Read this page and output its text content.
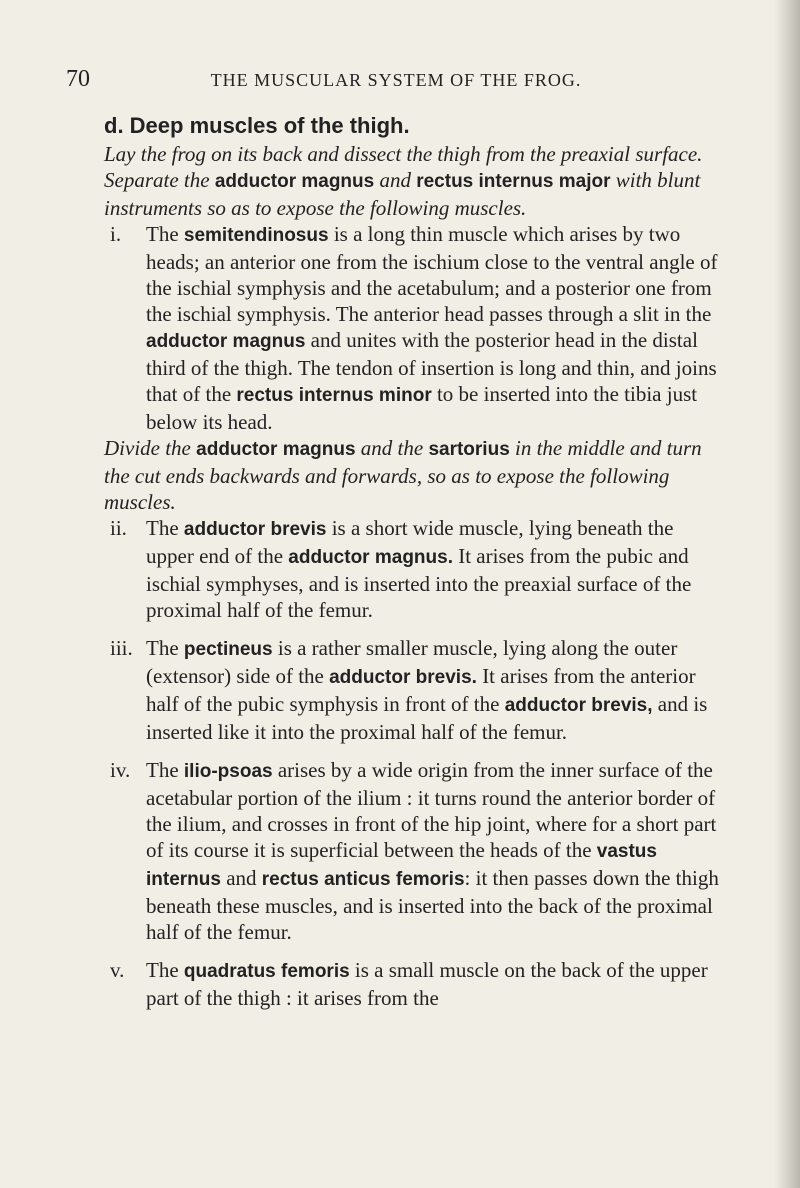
70	THE MUSCULAR SYSTEM OF THE FROG.

d. Deep muscles of the thigh.

Lay the frog on its back and dissect the thigh from the preaxial surface. Separate the adductor magnus and rectus internus major with blunt instruments so as to expose the following muscles.

i. The semitendinosus is a long thin muscle which arises by two heads; an anterior one from the ischium close to the ventral angle of the ischial symphysis and the acetabulum; and a posterior one from the ischial symphysis. The anterior head passes through a slit in the adductor magnus and unites with the posterior head in the distal third of the thigh. The tendon of insertion is long and thin, and joins that of the rectus internus minor to be inserted into the tibia just below its head.

Divide the adductor magnus and the sartorius in the middle and turn the cut ends backwards and forwards, so as to expose the following muscles.

ii. The adductor brevis is a short wide muscle, lying beneath the upper end of the adductor magnus. It arises from the pubic and ischial symphyses, and is inserted into the preaxial surface of the proximal half of the femur.

iii. The pectineus is a rather smaller muscle, lying along the outer (extensor) side of the adductor brevis. It arises from the anterior half of the pubic symphysis in front of the adductor brevis, and is inserted like it into the proximal half of the femur.

iv. The ilio-psoas arises by a wide origin from the inner surface of the acetabular portion of the ilium : it turns round the anterior border of the ilium, and crosses in front of the hip joint, where for a short part of its course it is superficial between the heads of the vastus internus and rectus anticus femoris: it then passes down the thigh beneath these muscles, and is inserted into the back of the proximal half of the femur.

v. The quadratus femoris is a small muscle on the back of the upper part of the thigh : it arises from the
